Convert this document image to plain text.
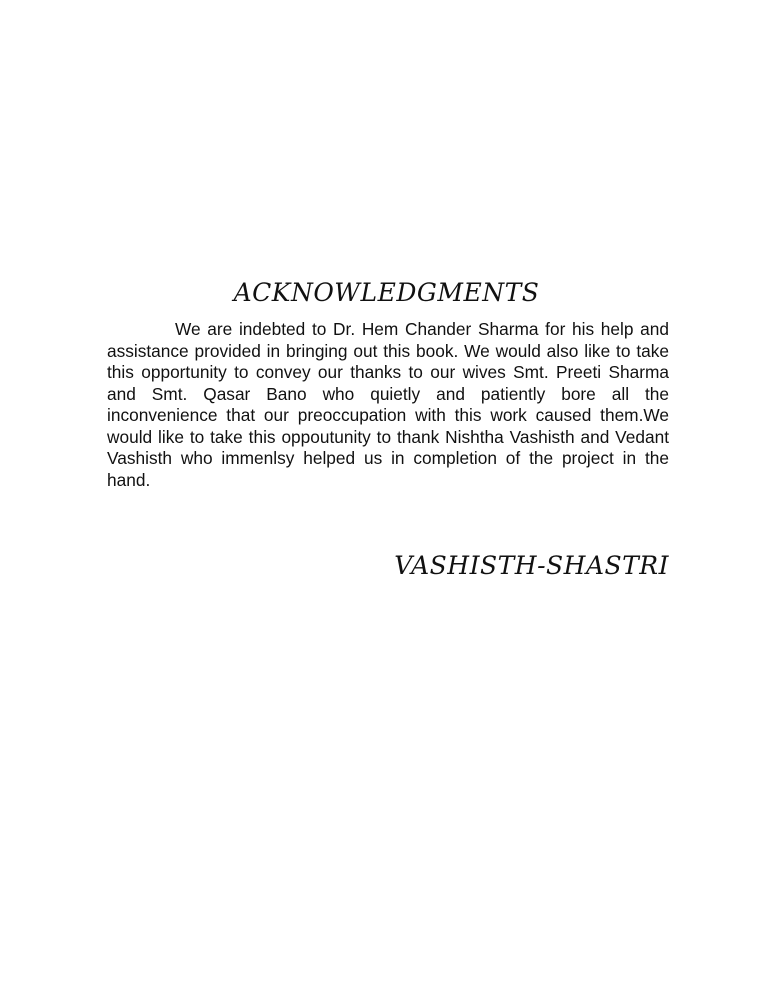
ACKNOWLEDGMENTS

We are indebted to Dr. Hem Chander Sharma for his help and assistance provided in bringing out this book. We would also like to take this opportunity to convey our thanks to our wives Smt. Preeti Sharma and Smt. Qasar Bano who quietly and patiently bore all the inconvenience that our preoccupation with this work caused them.We would like to take this oppoutunity to thank Nishtha Vashisth and Vedant Vashisth who immenlsy helped us in completion of the project in the hand.

VASHISTH-SHASTRI
